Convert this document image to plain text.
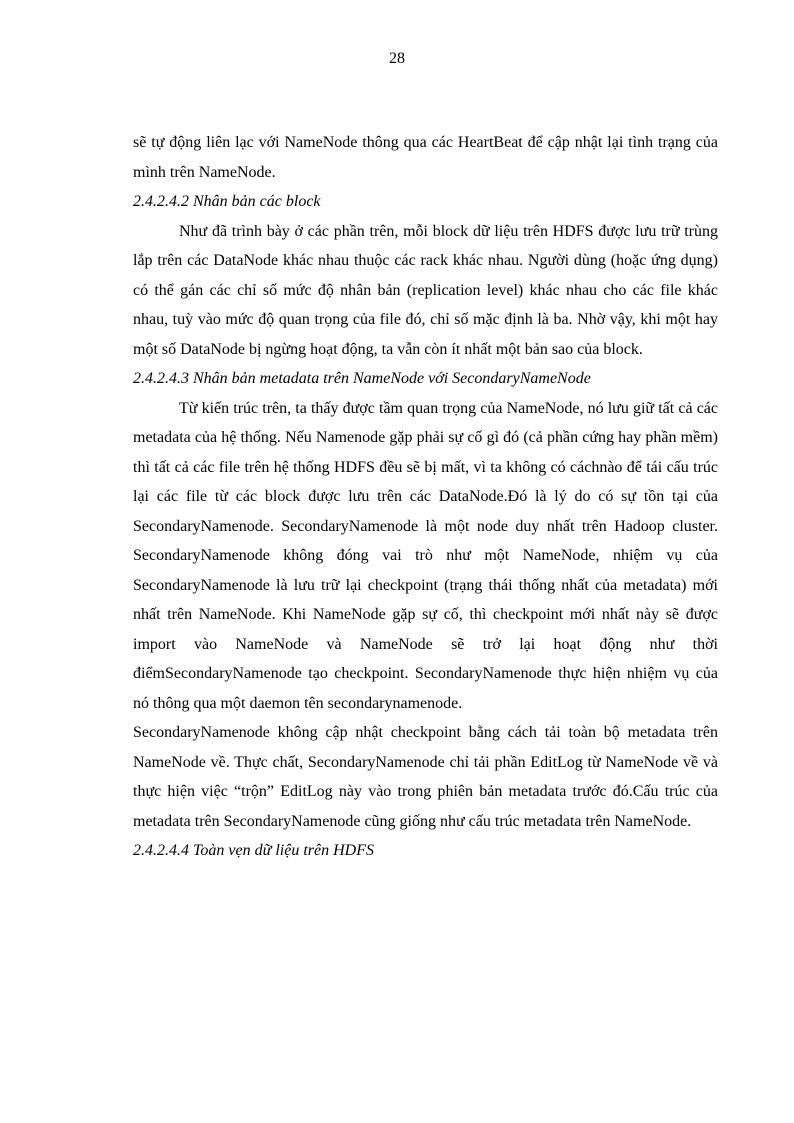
28

sẽ tự động liên lạc với NameNode thông qua các HeartBeat để cập nhật lại tình trạng của mình trên NameNode.

2.4.2.4.2 Nhân bản các block

Như đã trình bày ở các phần trên, mỗi block dữ liệu trên HDFS được lưu trữ trùng lắp trên các DataNode khác nhau thuộc các rack khác nhau. Người dùng (hoặc ứng dụng) có thể gán các chỉ số mức độ nhân bản (replication level) khác nhau cho các file khác nhau, tuỳ vào mức độ quan trọng của file đó, chỉ số mặc định là ba. Nhờ vậy, khi một hay một số DataNode bị ngừng hoạt động, ta vẫn còn ít nhất một bản sao của block.

2.4.2.4.3 Nhân bản metadata trên NameNode với SecondaryNameNode

Từ kiến trúc trên, ta thấy được tầm quan trọng của NameNode, nó lưu giữ tất cả các metadata của hệ thống. Nếu Namenode gặp phải sự cố gì đó (cả phần cứng hay phần mềm) thì tất cả các file trên hệ thống HDFS đều sẽ bị mất, vì ta không có cáchnào để tái cấu trúc lại các file từ các block được lưu trên các DataNode.Đó là lý do có sự tồn tại của SecondaryNamenode. SecondaryNamenode là một node duy nhất trên Hadoop cluster. SecondaryNamenode không đóng vai trò như một NameNode, nhiệm vụ của SecondaryNamenode là lưu trữ lại checkpoint (trạng thái thống nhất của metadata) mới nhất trên NameNode. Khi NameNode gặp sự cố, thì checkpoint mới nhất này sẽ được import vào NameNode và NameNode sẽ trở lại hoạt động như thời điểmSecondaryNamenode tạo checkpoint. SecondaryNamenode thực hiện nhiệm vụ của nó thông qua một daemon tên secondarynamenode.

SecondaryNamenode không cập nhật checkpoint bằng cách tải toàn bộ metadata trên NameNode về. Thực chất, SecondaryNamenode chỉ tải phần EditLog từ NameNode về và thực hiện việc “trộn” EditLog này vào trong phiên bản metadata trước đó.Cấu trúc của metadata trên SecondaryNamenode cũng giống như cấu trúc metadata trên NameNode.

2.4.2.4.4 Toàn vẹn dữ liệu trên HDFS
